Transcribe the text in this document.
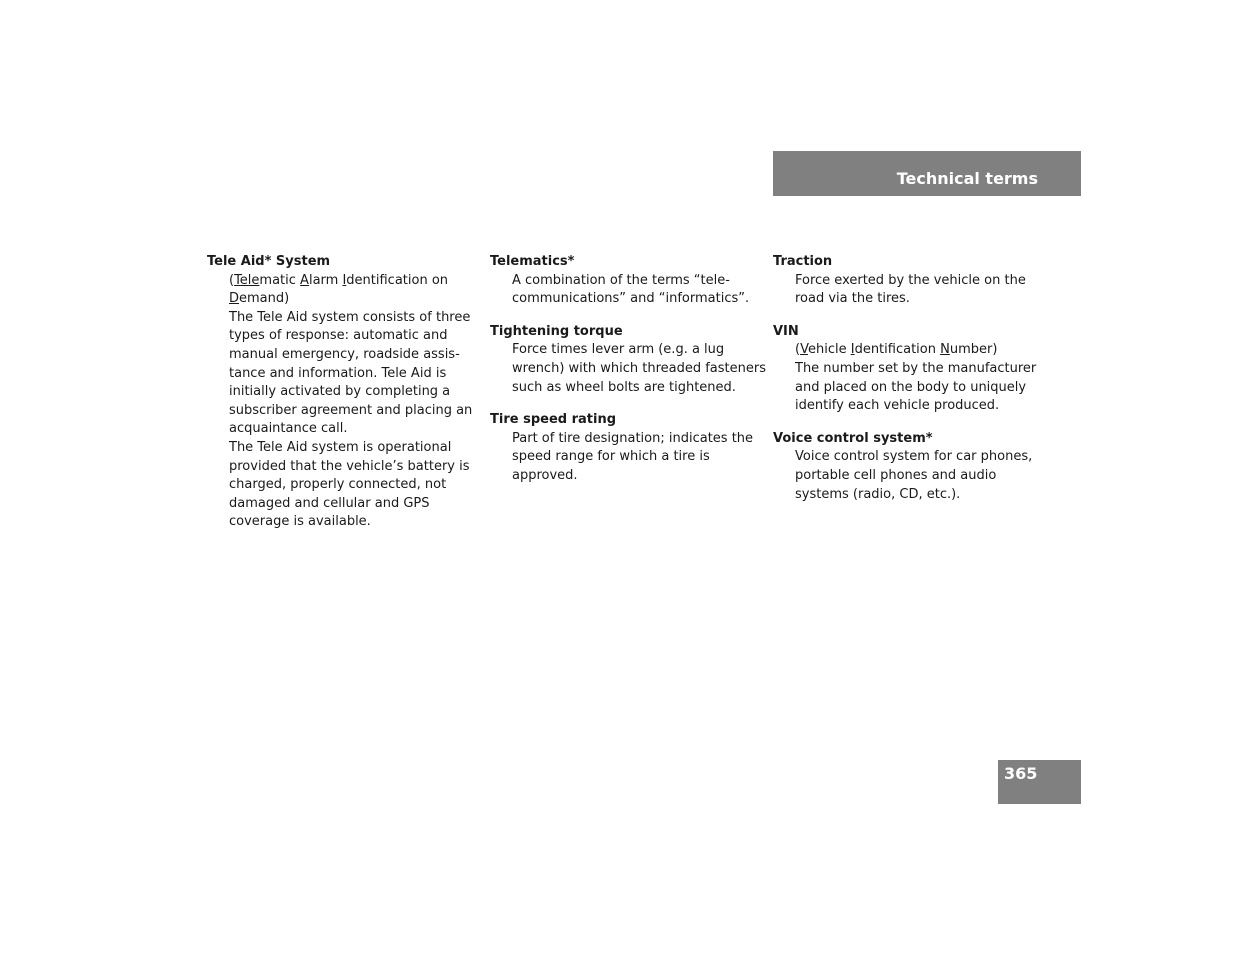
Technical terms
Tele Aid* System
(Telematic Alarm Identification on
Demand)
The Tele Aid system consists of three
types of response: automatic and
manual emergency, roadside assis-
tance and information. Tele Aid is
initially activated by completing a
subscriber agreement and placing an
acquaintance call.
The Tele Aid system is operational
provided that the vehicle’s battery is
charged, properly connected, not
damaged and cellular and GPS
coverage is available.
Telematics*
A combination of the terms “tele-
communications” and “informatics”.
Tightening torque
Force times lever arm (e.g. a lug
wrench) with which threaded fasteners
such as wheel bolts are tightened.
Tire speed rating
Part of tire designation; indicates the
speed range for which a tire is
approved.
Traction
Force exerted by the vehicle on the
road via the tires.
VIN
(Vehicle Identification Number)
The number set by the manufacturer
and placed on the body to uniquely
identify each vehicle produced.
Voice control system*
Voice control system for car phones,
portable cell phones and audio
systems (radio, CD, etc.).
365
